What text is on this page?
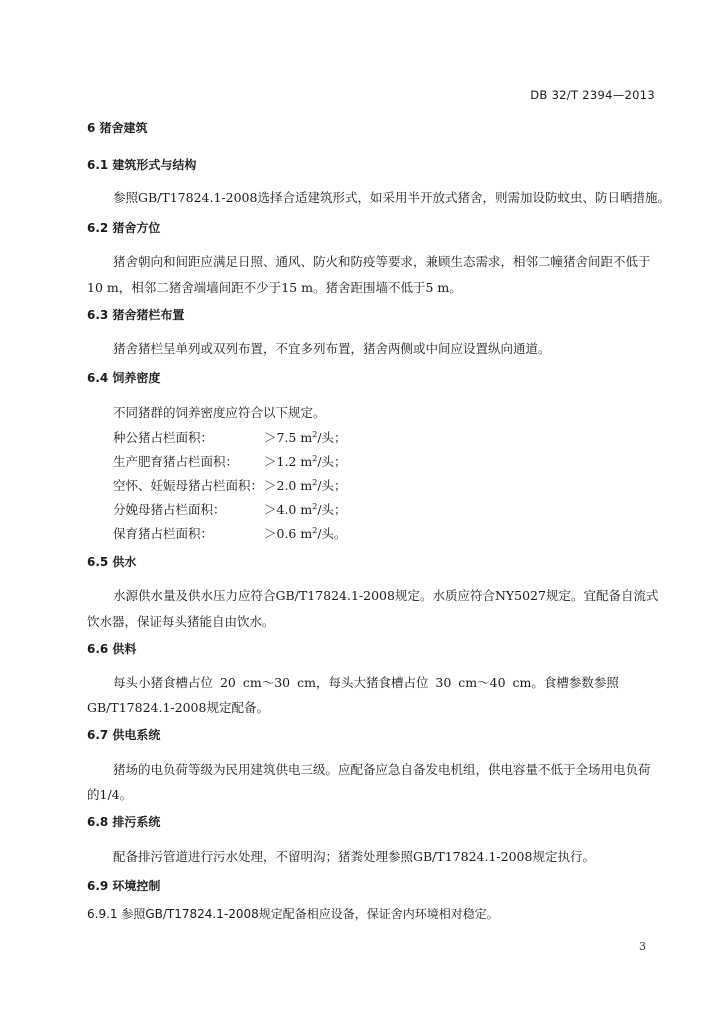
DB 32/T 2394—2013
6 猪舍建筑
6.1 建筑形式与结构
参照GB/T17824.1-2008选择合适建筑形式，如采用半开放式猪舍，则需加设防蚊虫、防日晒措施。
6.2 猪舍方位
猪舍朝向和间距应满足日照、通风、防火和防疫等要求，兼顾生态需求，相邻二幢猪舍间距不低于
10 m，相邻二猪舍端墙间距不少于15 m。猪舍距围墙不低于5 m。
6.3 猪舍猪栏布置
猪舍猪栏呈单列或双列布置，不宜多列布置，猪舍两侧或中间应设置纵向通道。
6.4 饲养密度
不同猪群的饲养密度应符合以下规定。
种公猪占栏面积：	＞7.5 $m^2/$头；
生产肥育猪占栏面积： ＞1.2 $m^2/$头；
空怀、妊娠母猪占栏面积： ＞2.0 $m^2/$头；
分娩母猪占栏面积：	＞4.0 $m^2/$头；
保育猪占栏面积：	＞0.6 $m^2/$头。
6.5 供水
水源供水量及供水压力应符合GB/T17824.1-2008规定。水质应符合NY5027规定。宜配备自流式
饮水器，保证每头猪能自由饮水。
6.6 供料
每头小猪食槽占位 20 cm～30 cm，每头大猪食槽占位 30 cm～40 cm。食槽参数参照
GB/T17824.1-2008规定配备。
6.7 供电系统
猪场的电负荷等级为民用建筑供电三级。应配备应急自备发电机组，供电容量不低于全场用电负荷
的1/4。
6.8 排污系统
配备排污管道进行污水处理，不留明沟；猪粪处理参照GB/T17824.1-2008规定执行。
6.9 环境控制
6.9.1 参照GB/T17824.1-2008规定配备相应设备，保证舍内环境相对稳定。
3
